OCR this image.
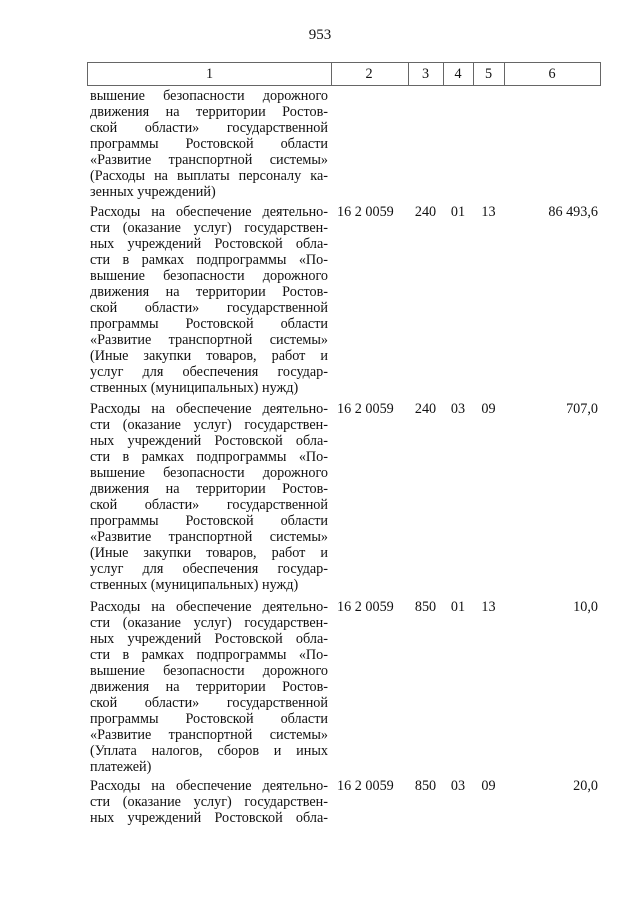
953
1	2	3	4	5	6
вышение безопасности дорожного
движения на территории Ростов-
ской области» государственной
программы Ростовской области
«Развитие транспортной системы»
(Расходы на выплаты персоналу ка-
зенных учреждений)
Расходы на обеспечение деятельно-
сти (оказание услуг) государствен-
ных учреждений Ростовской обла-
сти в рамках подпрограммы «По-
вышение безопасности дорожного
движения на территории Ростов-
ской области» государственной
программы Ростовской области
«Развитие транспортной системы»
(Иные закупки товаров, работ и
услуг для обеспечения государ-
ственных (муниципальных) нужд)
16 2 0059	240	01	13	86 493,6
Расходы на обеспечение деятельно-
сти (оказание услуг) государствен-
ных учреждений Ростовской обла-
сти в рамках подпрограммы «По-
вышение безопасности дорожного
движения на территории Ростов-
ской области» государственной
программы Ростовской области
«Развитие транспортной системы»
(Иные закупки товаров, работ и
услуг для обеспечения государ-
ственных (муниципальных) нужд)
16 2 0059	240	03	09	707,0
Расходы на обеспечение деятельно-
сти (оказание услуг) государствен-
ных учреждений Ростовской обла-
сти в рамках подпрограммы «По-
вышение безопасности дорожного
движения на территории Ростов-
ской области» государственной
программы Ростовской области
«Развитие транспортной системы»
(Уплата налогов, сборов и иных
платежей)
16 2 0059	850	01	13	10,0
Расходы на обеспечение деятельно-
сти (оказание услуг) государствен-
ных учреждений Ростовской обла-
16 2 0059	850	03	09	20,0
